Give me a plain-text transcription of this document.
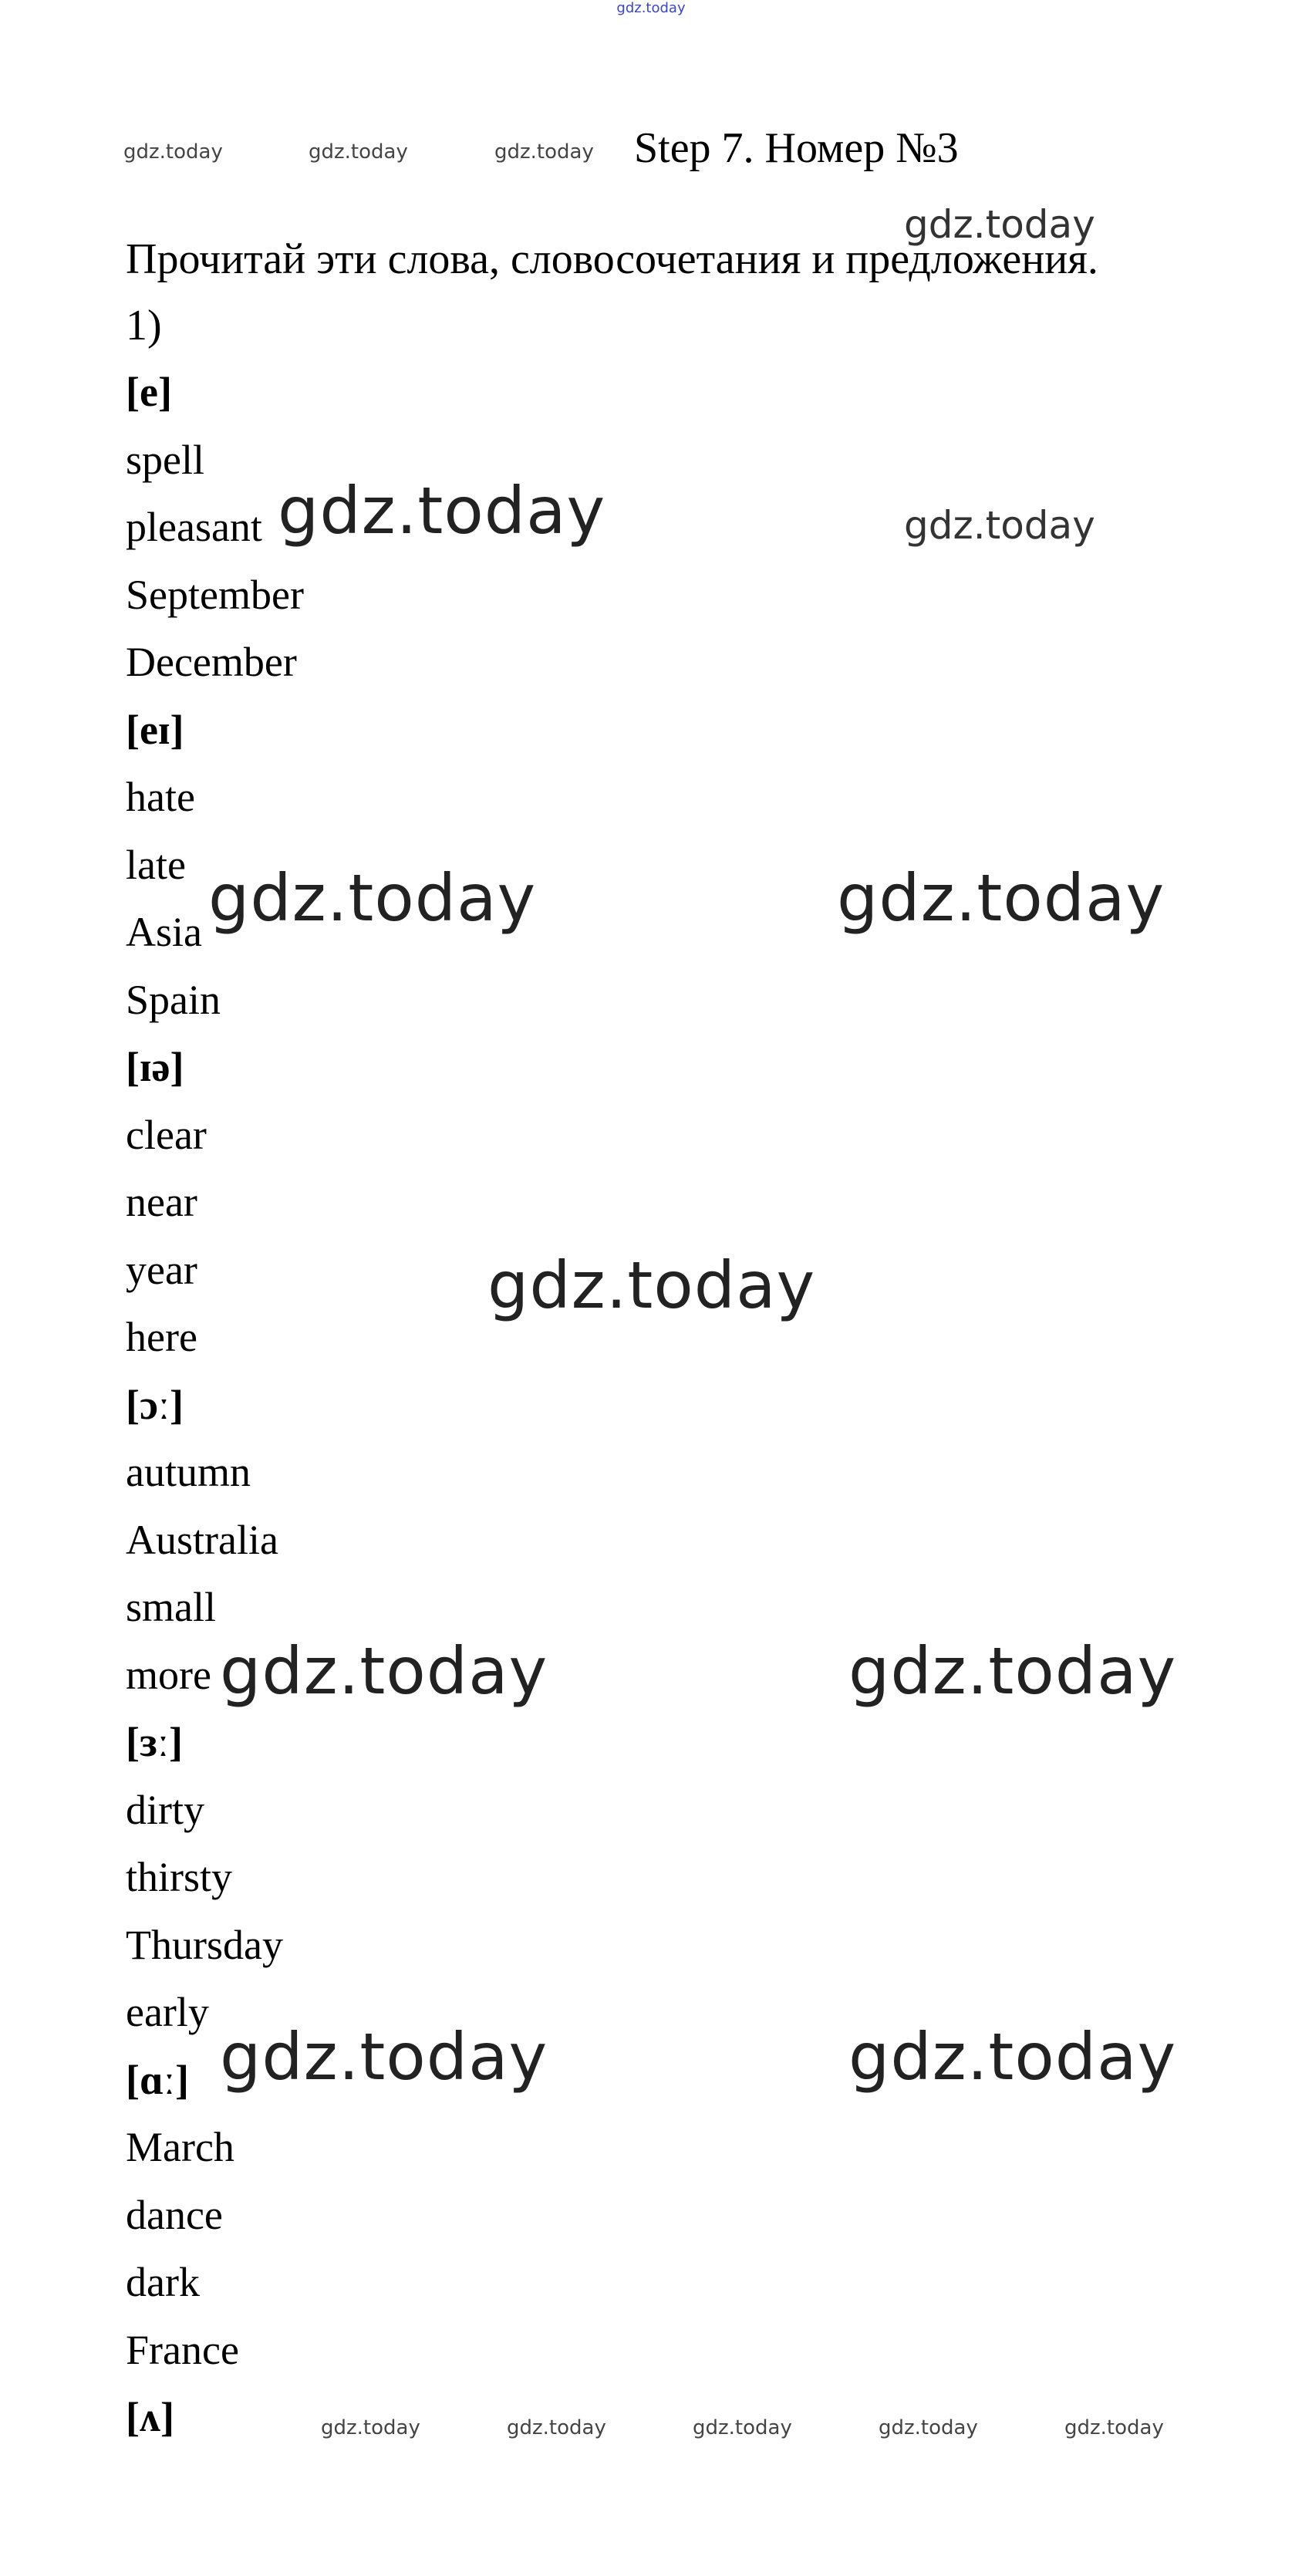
gdz.today
gdz.today	gdz.today	gdz.today
gdz.today
gdz.today	gdz.today
gdz.today	gdz.today
gdz.today
gdz.today	gdz.today
gdz.today	gdz.today
gdz.today	gdz.today	gdz.today	gdz.today	gdz.today
Step 7. Номер №3
Прочитай эти слова, словосочетания и предложения.
1)
[e]
spell
pleasant
September
December
[eɪ]
hate
late
Asia
Spain
[ɪə]
clear
near
year
here
[ɔː]
autumn
Australia
small
more
[ɜː]
dirty
thirsty
Thursday
early
[ɑː]
March
dance
dark
France
[ʌ]
